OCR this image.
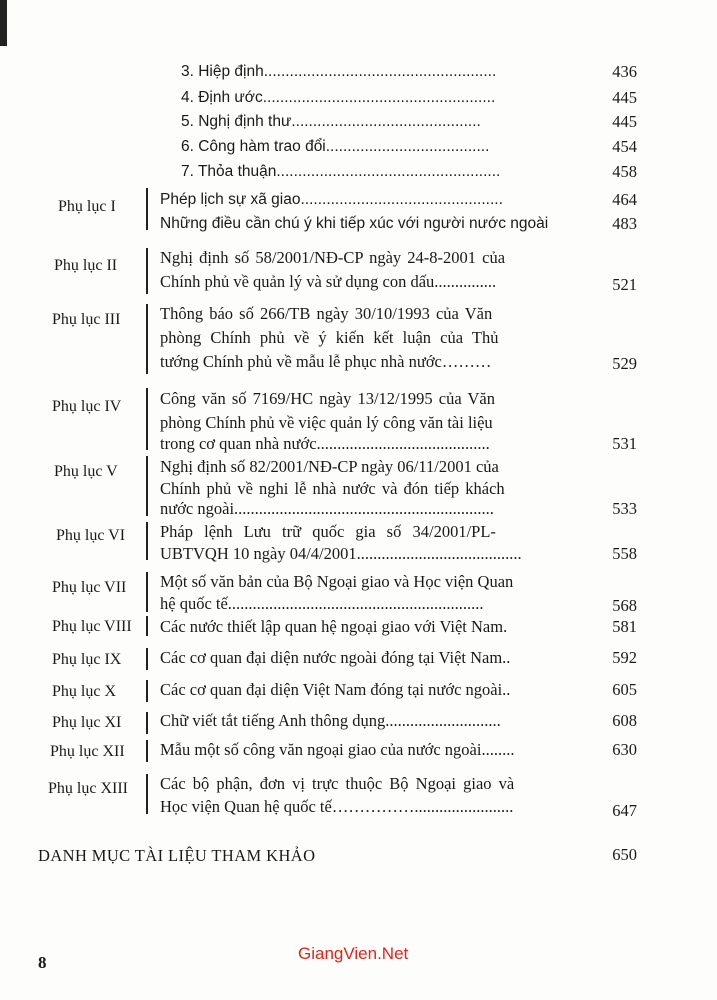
3. Hiệp định......................................................	436
4. Định ước......................................................	445
5. Nghị định thư............................................	445
6. Công hàm trao đổi......................................	454
7. Thỏa thuận....................................................	458
Phụ lục I	Phép lịch sự xã giao...............................................	464
Những điều cần chú ý khi tiếp xúc với người nước ngoài	483
Phụ lục II	Nghị định số 58/2001/NĐ-CP ngày 24-8-2001 của
Chính phủ về quản lý và sử dụng con dấu...............	521
Phụ lục III Thông báo số 266/TB ngày 30/10/1993 của Văn
phòng Chính phủ về ý kiến kết luận của Thủ
tướng Chính phủ về mẫu lễ phục nhà nước………	529
Phụ lục IV Công văn số 7169/HC ngày 13/12/1995 của Văn
phòng Chính phủ về việc quản lý công văn tài liệu
trong cơ quan nhà nước..........................................	531
Phụ lục V	Nghị định số 82/2001/NĐ-CP ngày 06/11/2001 của
Chính phủ về nghi lễ nhà nước và đón tiếp khách
nước ngoài...............................................................	533
Phụ lục VI Pháp lệnh Lưu trữ quốc gia số 34/2001/PL-
UBTVQH 10 ngày 04/4/2001........................................	558
Phụ lục VII Một số văn bản của Bộ Ngoại giao và Học viện Quan
hệ quốc tế..............................................................	568
Phụ lục VIII Các nước thiết lập quan hệ ngoại giao với Việt Nam.	581
Phụ lục IX Các cơ quan đại diện nước ngoài đóng tại Việt Nam..	592
Phụ lục X	Các cơ quan đại diện Việt Nam đóng tại nước ngoài..	605
Phụ lục XI Chữ viết tắt tiếng Anh thông dụng............................	608
Phụ lục XII Mẫu một số công văn ngoại giao của nước ngoài........	630
Phụ lục XIII Các bộ phận, đơn vị trực thuộc Bộ Ngoại giao và
Học viện Quan hệ quốc tế……………........................	647
DANH MỤC TÀI LIỆU THAM KHẢO	650
8	GiangVien.Net
